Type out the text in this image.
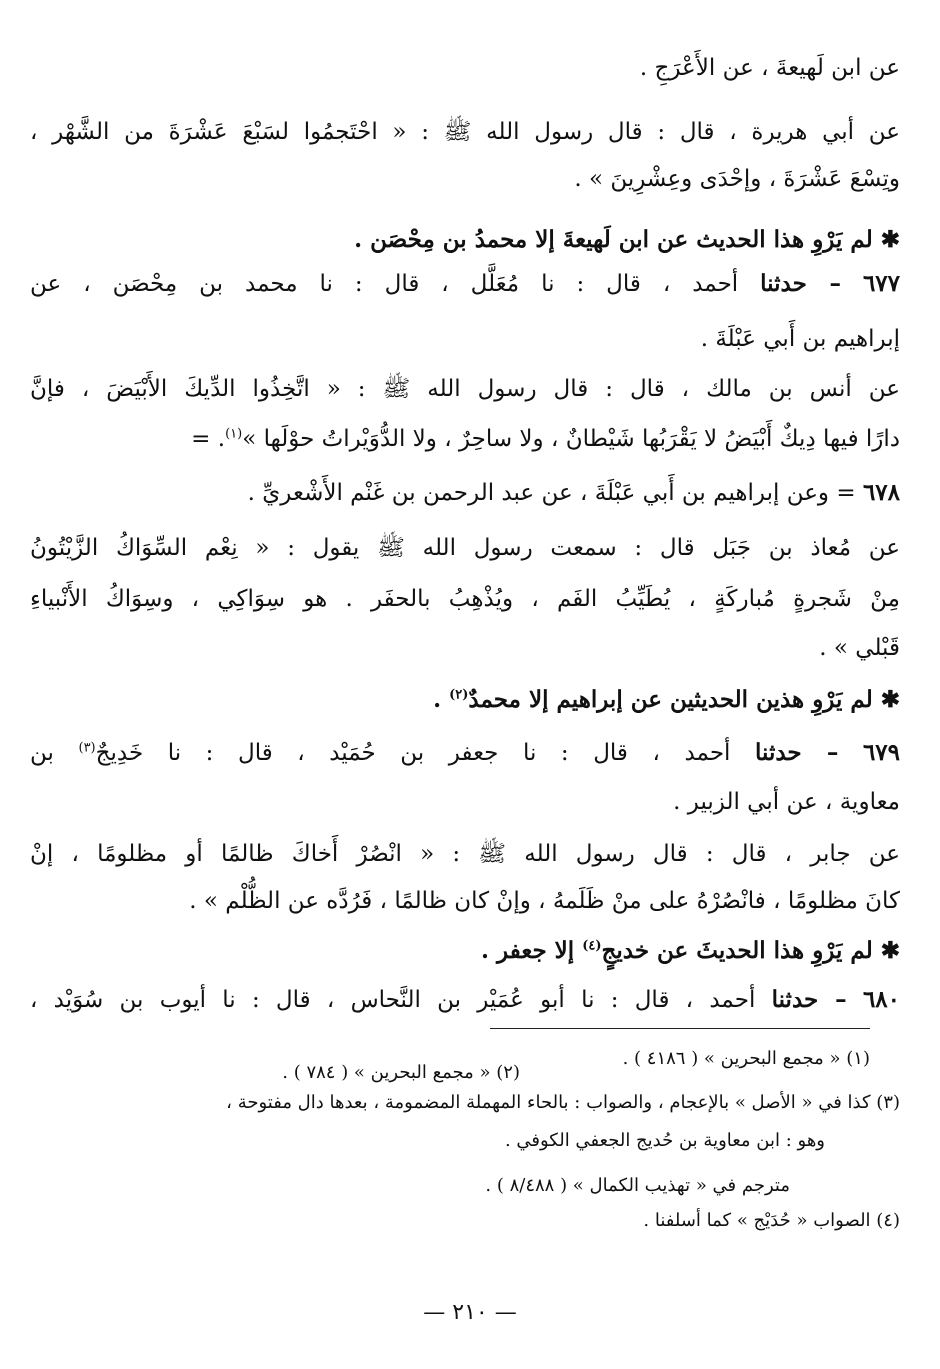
عن ابن لَهيعةَ ، عن الأَعْرَجِ .
عن أبي هريرة ، قال : قال رسول الله ﷺ : « احْتَجمُوا لسَبْعَ عَشْرَةَ من الشَّهْر ،
وتِسْعَ عَشْرَةَ ، وإحْدَى وعِشْرِينَ » .
✱ لم يَرْوِ هذا الحديث عن ابن لَهيعةَ إلا محمدُ بن مِحْصَن .
٦٧٧ – حدثنا أحمد ، قال : نا مُعَلَّل ، قال : نا محمد بن مِحْصَن ، عن
إبراهيم بن أَبي عَبْلَةَ .
عن أنس بن مالك ، قال : قال رسول الله ﷺ : « اتَّخِذُوا الدِّيكَ الأَبْيَضَ ، فإنَّ
دارًا فيها دِيكٌ أَبْيَضُ لا يَقْرَبُها شَيْطانٌ ، ولا ساحِرٌ ، ولا الدُّوَيْراتُ حوْلَها »$^{(١)}$. =
٦٧٨ = وعن إبراهيم بن أَبي عَبْلَةَ ، عن عبد الرحمن بن غَنْم الأَشْعريِّ .
عن مُعاذ بن جَبَل قال : سمعت رسول الله ﷺ يقول : « نِعْم السِّوَاكُ الزَّيْتُونُ
مِنْ شَجرةٍ مُباركَةٍ ، يُطَيِّبُ الفَم ، ويُذْهِبُ بالحفَر . هو سِوَاكِي ، وسِوَاكُ الأَنْبياءِ
قَبْلي » .
✱ لم يَرْوِ هذين الحديثين عن إبراهيم إلا محمدٌ$^{(٢)}$ .
٦٧٩ – حدثنا أحمد ، قال : نا جعفر بن حُمَيْد ، قال : نا خَدِيجٌ$^{(٣)}$ بن
معاوية ، عن أبي الزبير .
عن جابر ، قال : قال رسول الله ﷺ : « انْصُرْ أَخاكَ ظالمًا أو مظلومًا ، إنْ
كانَ مظلومًا ، فانْصُرْهُ على منْ ظَلَمهُ ، وإنْ كان ظالمًا ، فَرُدَّه عن الظُّلْم » .
✱ لم يَرْوِ هذا الحديثَ عن خديجٍ$^{(٤)}$ إلا جعفر .
٦٨٠ – حدثنا أحمد ، قال : نا أبو عُمَيْر بن النَّحاس ، قال : نا أيوب بن سُوَيْد ،
(١) « مجمع البحرين » ( ٤١٨٦ ) .
(٢) « مجمع البحرين » ( ٧٨٤ ) .
(٣) كذا في « الأصل » بالإعجام ، والصواب : بالحاء المهملة المضمومة ، بعدها دال مفتوحة ،
وهو : ابن معاوية بن حُديج الجعفي الكوفي .
مترجم في « تهذيب الكمال » ( ٨/٤٨٨ ) .
(٤) الصواب « حُدَيْج » كما أسلفنا .
— ٢١٠ —
